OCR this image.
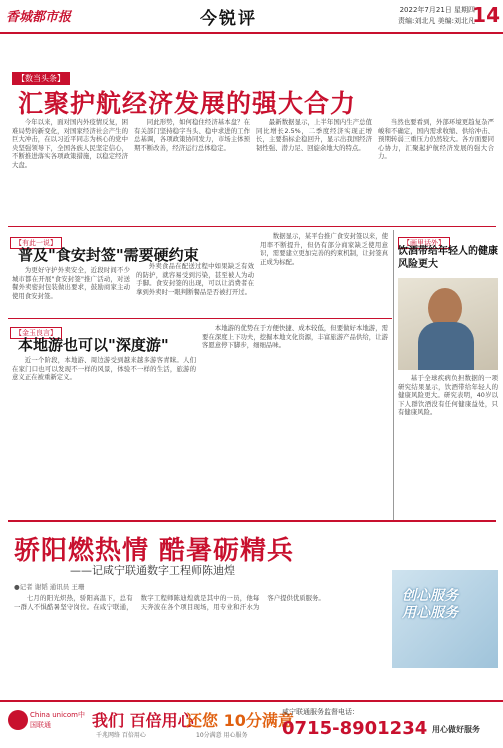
香城都市报	今锐评	2022年7月21日 星期四
责编:刘北凡 美编:刘北凡
14
【数当头条】
汇聚护航经济发展的强大合力

今年以来，面对国内外疫情反复，困难局势的新变化，对国家经济社会产生的巨大冲击，在以习近平同志为核心的党中央坚强领导下，全国各族人民坚定信心，不断推进落实各项政策措施，以稳定经济大盘。

同此形势，如何稳住经济基本盘？在有关部门坚持稳字当头、稳中求进的工作总基调，各项政策协同发力，市场主体预期不断改善，经济运行总体稳定。

最新数据显示，上半年国内生产总值同比增长2.5%，二季度经济实现正增长，主要指标企稳回升，显示出我国经济韧性强、潜力足、回旋余地大的特点。

当然也要看到，外部环境更趋复杂严峻和不确定，国内需求收缩、供给冲击、预期转弱三重压力仍然较大。各方面要同心协力，汇聚起护航经济发展的强大合力。

【有此一说】
普及"食安封签"需要硬约束

为更好守护外卖安全，近段时间不少城市都在开展"食安封签"推广活动，对送餐外卖密封包装做出要求，鼓励商家主动使用食安封签。

外卖食品在配送过程中如果缺乏有效的防护，就容易受到污染，甚至被人为动手脚。食安封签的出现，可以让消费者在拿到外卖时一眼判断餐品是否被打开过。

数据显示，某平台推广食安封签以来，使用率不断提升，但仍有部分商家缺乏使用意识，需要建立更加完善的约束机制，让封签真正成为标配。

【画里话外】
饮酒带给年轻人的健康风险更大

基于全球疾病负担数据的一项研究结果显示，饮酒带给年轻人的健康风险更大。研究表明，40岁以下人群饮酒没有任何健康益处，只有健康风险。

【金玉良言】
本地游也可以"深度游"

近一个阶段，本地游、周边游受到越来越多游客青睐。人们在家门口也可以发现不一样的风景，体验不一样的生活，旅游的意义正在被重新定义。

本地游的优势在于方便快捷、成本较低，但要做好本地游，需要在深度上下功夫，挖掘本地文化资源，丰富旅游产品供给，让游客愿意停下脚步，细细品味。

骄阳燃热情 酷暑砺精兵
——记咸宁联通数字工程师陈迪煌
●记者 谢韬 通讯员 王珊

七月的阳光炽热，骄阳高温下，总有一群人不惧酷暑坚守岗位。在咸宁联通，数字工程师陈迪煌就是其中的一员，他每天奔波在各个项目现场，用专业和汗水为客户提供优质服务。	创心服务
用心服务
China unicom中国联通	我们 百倍用心
千兆网络 百倍用心
还您 10分满意
10分满意 用心服务
咸宁联通服务监督电话：
0715-8901234 用心做好服务
